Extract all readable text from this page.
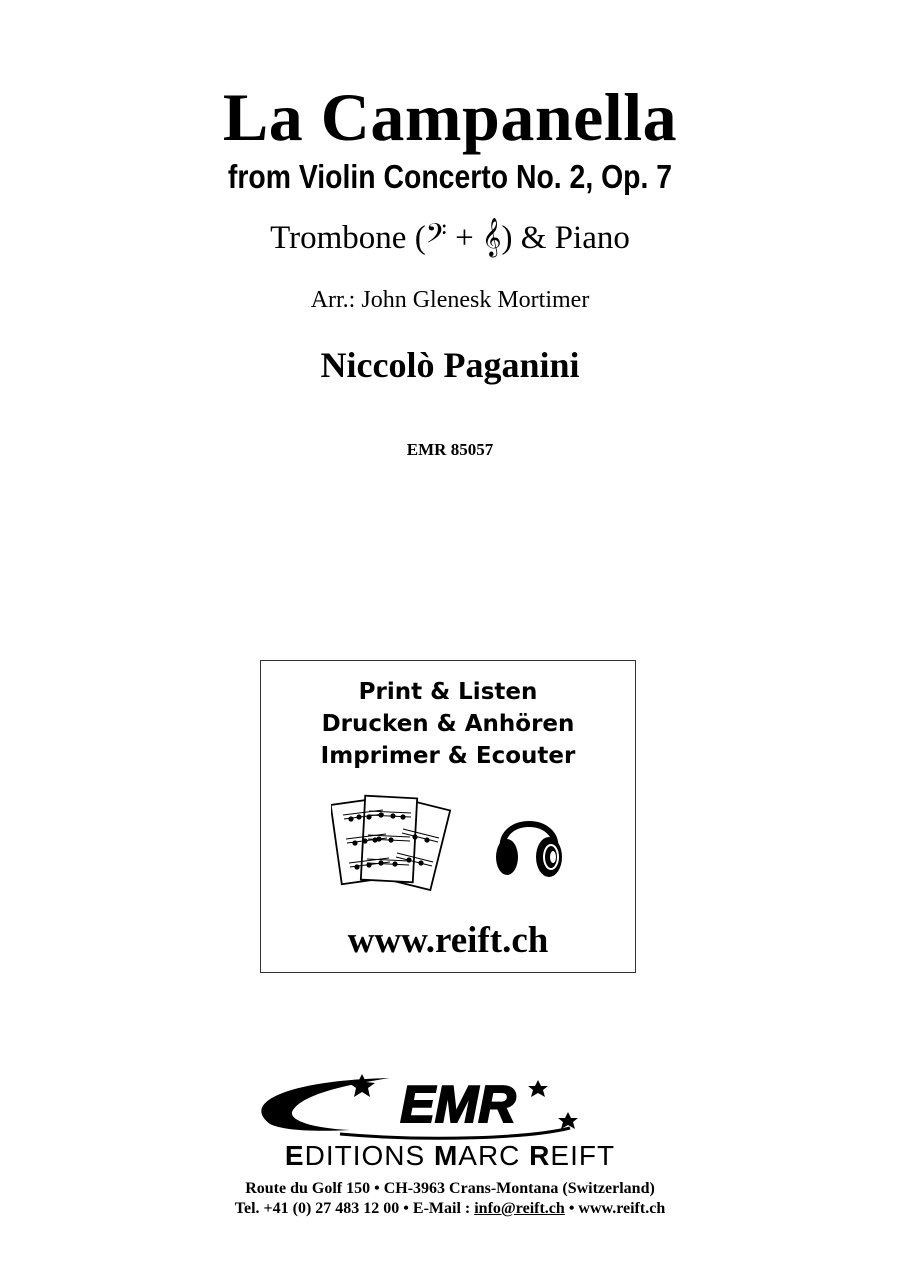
La Campanella
from Violin Concerto No. 2, Op. 7
Trombone (𝄢 + 𝄞) & Piano
Arr.: John Glenesk Mortimer
Niccolò Paganini
EMR 85057
Print & Listen
Drucken & Anhören
Imprimer & Ecouter
www.reift.ch
EMR
EDITIONS MARC REIFT
Route du Golf 150 • CH-3963 Crans-Montana (Switzerland)
Tel. +41 (0) 27 483 12 00 • E-Mail : info@reift.ch • www.reift.ch
